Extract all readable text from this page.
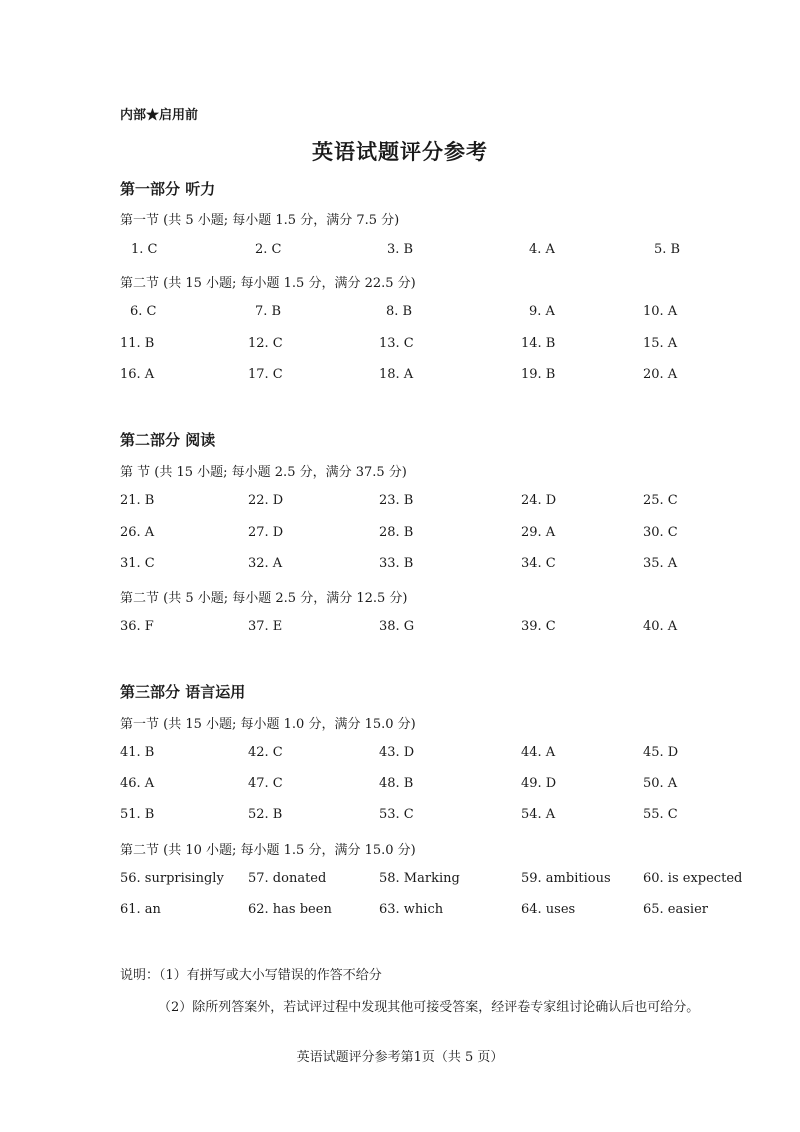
内部★启用前
英语试题评分参考
第一部分 听力
第一节 (共 5 小题; 每小题 1.5 分，满分 7.5 分)
1. C	2. C	3. B	4. A	5. B
第二节 (共 15 小题; 每小题 1.5 分，满分 22.5 分)
6. C	7. B	8. B	9. A	10. A
11. B	12. C	13. C	14. B	15. A
16. A	17. C	18. A	19. B	20. A
第二部分 阅读
第 节 (共 15 小题; 每小题 2.5 分，满分 37.5 分)
21. B	22. D	23. B	24. D	25. C
26. A	27. D	28. B	29. A	30. C
31. C	32. A	33. B	34. C	35. A
第二节 (共 5 小题; 每小题 2.5 分，满分 12.5 分)
36. F	37. E	38. G	39. C	40. A
第三部分 语言运用
第一节 (共 15 小题; 每小题 1.0 分，满分 15.0 分)
41. B	42. C	43. D	44. A	45. D
46. A	47. C	48. B	49. D	50. A
51. B	52. B	53. C	54. A	55. C
第二节 (共 10 小题; 每小题 1.5 分，满分 15.0 分)
56. surprisingly 57. donated	58. Marking	59. ambitious 60. is expected
61. an	62. has been	63. which	64. uses	65. easier
说明：（1）有拼写或大小写错误的作答不给分
（2）除所列答案外，若试评过程中发现其他可接受答案，经评卷专家组讨论确认后也可给分。
英语试题评分参考第1页（共 5 页）
